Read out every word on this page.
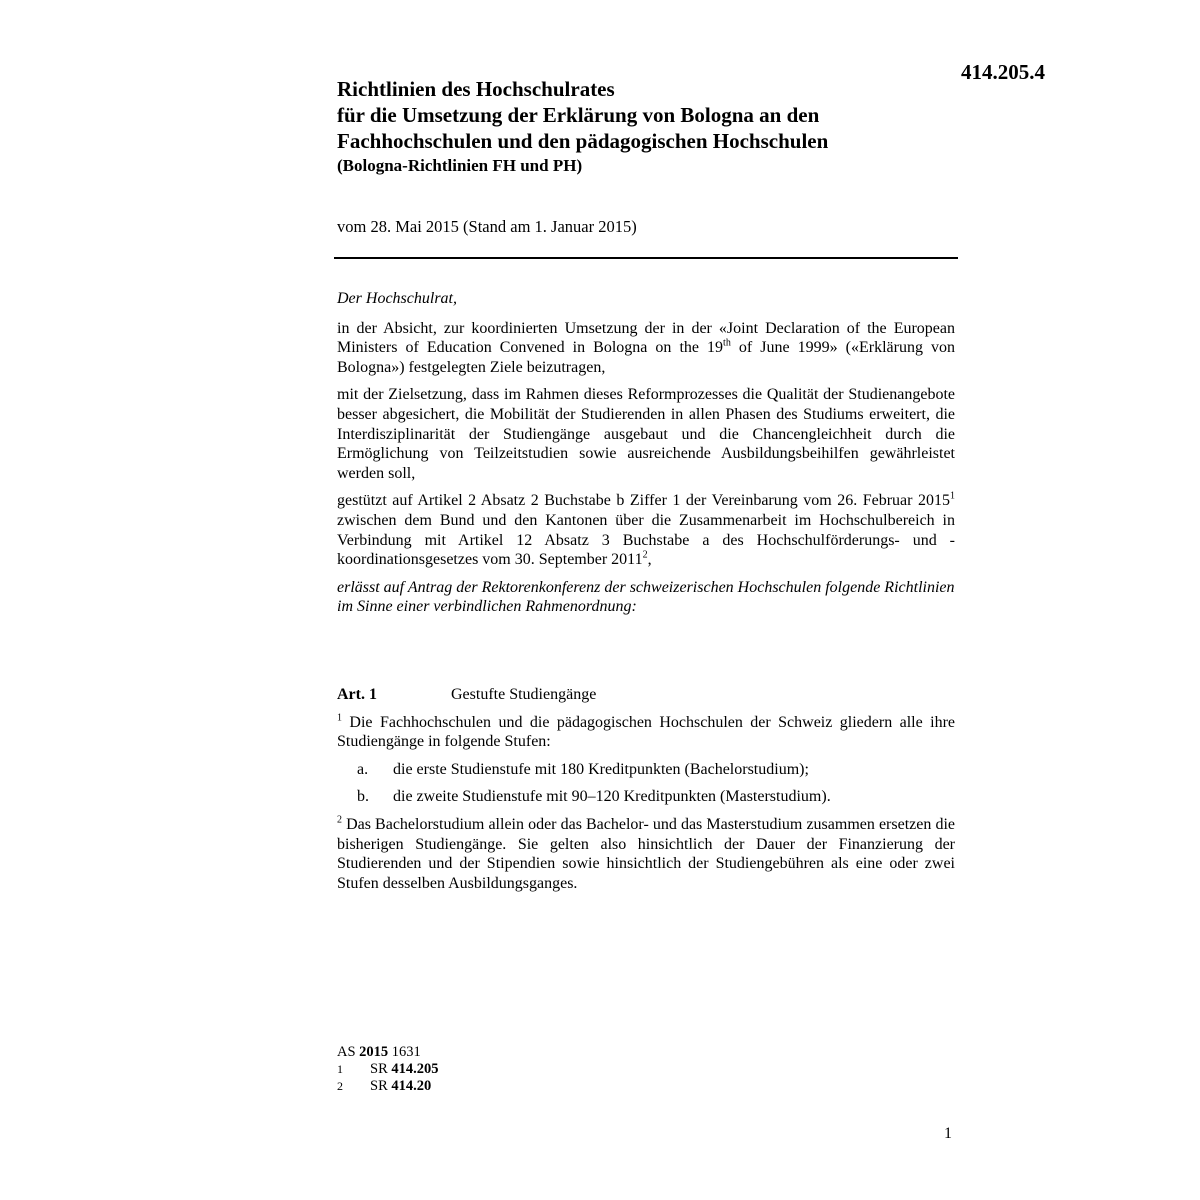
414.205.4
Richtlinien des Hochschulrates
für die Umsetzung der Erklärung von Bologna an den
Fachhochschulen und den pädagogischen Hochschulen
(Bologna-Richtlinien FH und PH)
vom 28. Mai 2015 (Stand am 1. Januar 2015)

Der Hochschulrat,

in der Absicht, zur koordinierten Umsetzung der in der «Joint Declaration of the European Ministers of Education Convened in Bologna on the 19th of June 1999» («Erklärung von Bologna») festgelegten Ziele beizutragen,

mit der Zielsetzung, dass im Rahmen dieses Reformprozesses die Qualität der Studienangebote besser abgesichert, die Mobilität der Studierenden in allen Phasen des Studiums erweitert, die Interdisziplinarität der Studiengänge ausgebaut und die Chancengleichheit durch die Ermöglichung von Teilzeitstudien sowie ausreichende Ausbildungsbeihilfen gewährleistet werden soll,

gestützt auf Artikel 2 Absatz 2 Buchstabe b Ziffer 1 der Vereinbarung vom 26. Februar 2015$^1$ zwischen dem Bund und den Kantonen über die Zusammenarbeit im Hochschulbereich in Verbindung mit Artikel 12 Absatz 3 Buchstabe a des Hochschulförderungs- und -koordinationsgesetzes vom 30. September 2011$^2$,

erlässt auf Antrag der Rektorenkonferenz der schweizerischen Hochschulen folgende Richtlinien im Sinne einer verbindlichen Rahmenordnung:

Art. 1	Gestufte Studiengänge

$^1$ Die Fachhochschulen und die pädagogischen Hochschulen der Schweiz gliedern alle ihre Studiengänge in folgende Stufen:

a.	die erste Studienstufe mit 180 Kreditpunkten (Bachelorstudium);
b.	die zweite Studienstufe mit 90–120 Kreditpunkten (Masterstudium).

$^2$ Das Bachelorstudium allein oder das Bachelor- und das Masterstudium zusammen ersetzen die bisherigen Studiengänge. Sie gelten also hinsichtlich der Dauer der Finanzierung der Studierenden und der Stipendien sowie hinsichtlich der Studiengebühren als eine oder zwei Stufen desselben Ausbildungsganges.

AS 2015 1631
1 SR 414.205
2 SR 414.20
1
